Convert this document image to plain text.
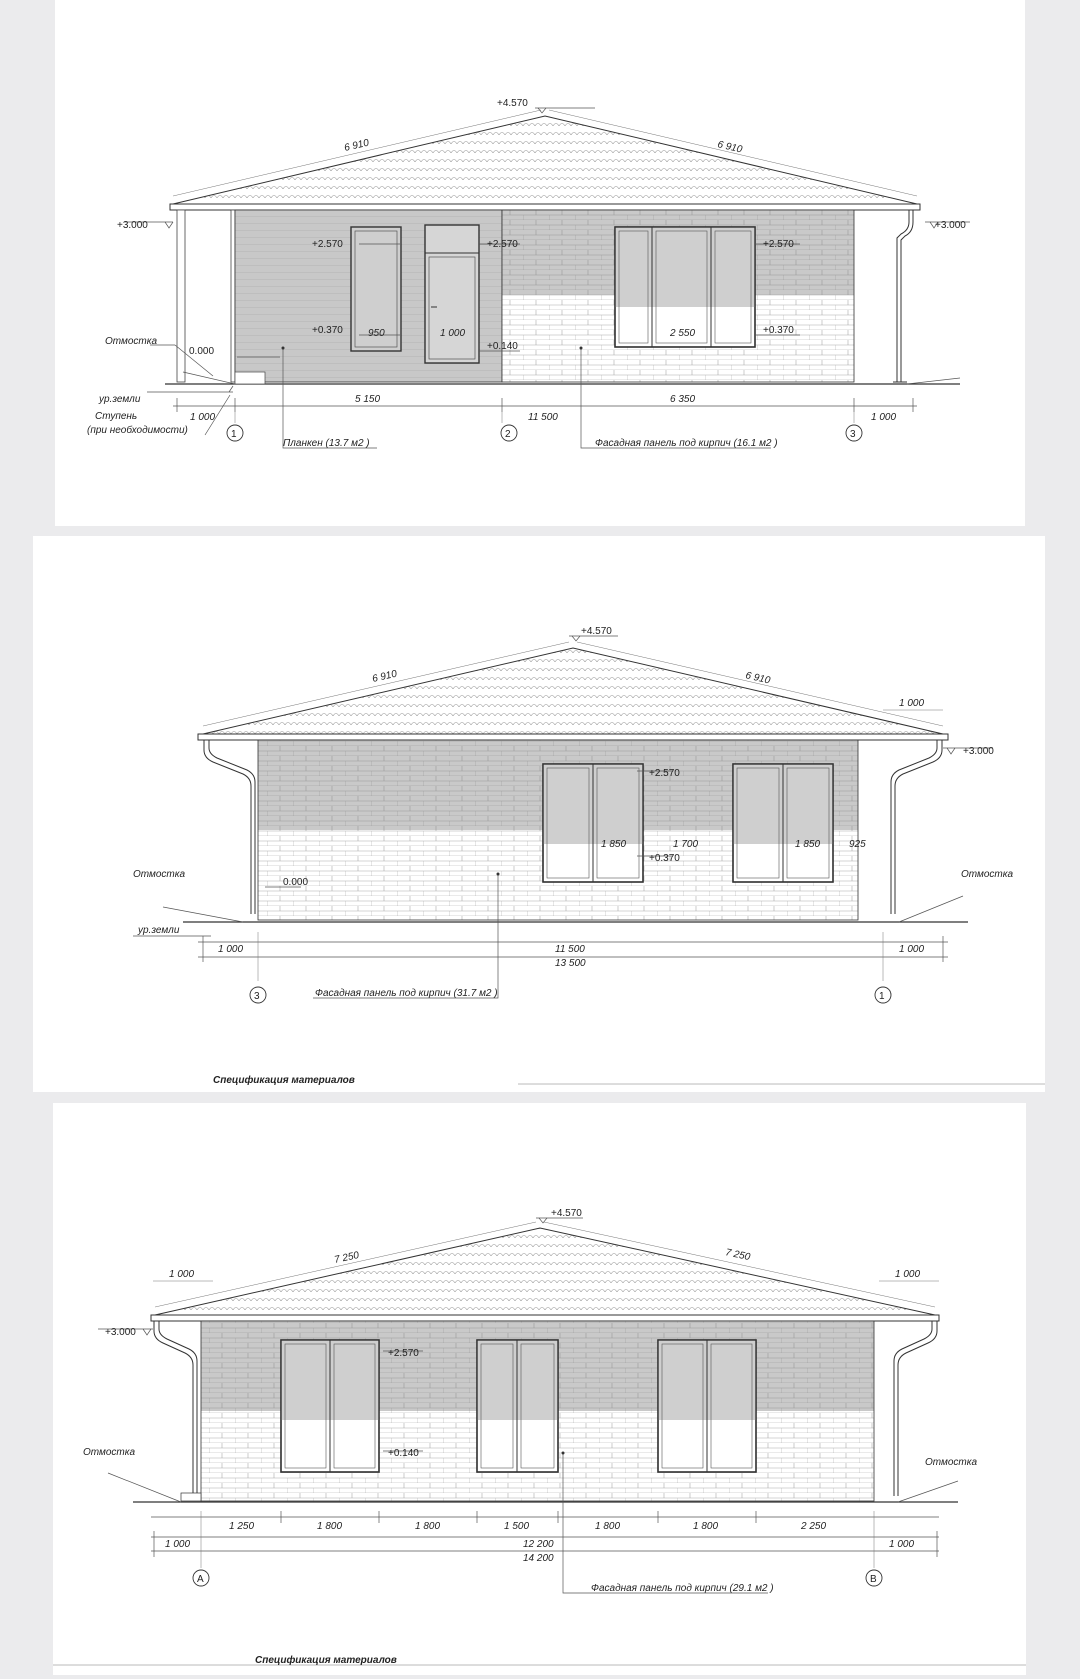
+4.570
+3.000	+3.000
6 910	6 910
+2.570	+2.570	+2.570
+0.370	+0.370
+0.140
0.000
950	1 000	2 550
Отмостка
ур.земли
Ступень
(при необходимости)
1 000
5 150
11 500
6 350
1 000
1	2	3
Планкен (13.7 м2 )	Фасадная панель под кирпич (16.1 м2 )
+4.570
6 910	6 910
1 000
+3.000
+2.570
+0.370
1 850	1 700	1 850	925
0.000
Отмостка	Отмостка
ур.земли
1 000	11 500	1 000
13 500
3	1
Фасадная панель под кирпич (31.7 м2 )
Спецификация материалов
+4.570
7 250	7 250
1 000	1 000
+3.000
+2.570
+0.140
Отмостка
Отмостка
1 250	1 800	1 800	1 500	1 800	1 800	2 250
1 000	12 200	1 000
14 200
А	В
Фасадная панель под кирпич (29.1 м2 )
Спецификация материалов
